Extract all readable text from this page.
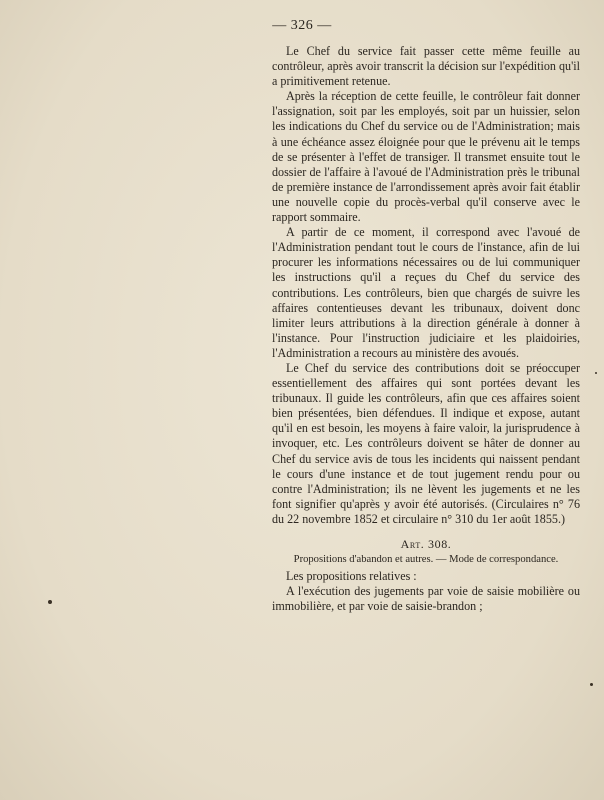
— 326 —

Le Chef du service fait passer cette même feuille au contrôleur, après avoir transcrit la décision sur l'expédition qu'il a primitivement retenue.

Après la réception de cette feuille, le contrôleur fait donner l'assignation, soit par les employés, soit par un huissier, selon les indications du Chef du service ou de l'Administration; mais à une échéance assez éloignée pour que le prévenu ait le temps de se présenter à l'effet de transiger. Il transmet ensuite tout le dossier de l'affaire à l'avoué de l'Administration près le tribunal de première instance de l'arrondissement après avoir fait établir une nouvelle copie du procès-verbal qu'il conserve avec le rapport sommaire.

A partir de ce moment, il correspond avec l'avoué de l'Administration pendant tout le cours de l'instance, afin de lui procurer les informations nécessaires ou de lui communiquer les instructions qu'il a reçues du Chef du service des contributions. Les contrôleurs, bien que chargés de suivre les affaires contentieuses devant les tribunaux, doivent donc limiter leurs attributions à la direction générale à donner à l'instance. Pour l'instruction judiciaire et les plaidoiries, l'Administration a recours au ministère des avoués.

Le Chef du service des contributions doit se préoccuper essentiellement des affaires qui sont portées devant les tribunaux. Il guide les contrôleurs, afin que ces affaires soient bien présentées, bien défendues. Il indique et expose, autant qu'il en est besoin, les moyens à faire valoir, la jurisprudence à invoquer, etc. Les contrôleurs doivent se hâter de donner au Chef du service avis de tous les incidents qui naissent pendant le cours d'une instance et de tout jugement rendu pour ou contre l'Administration; ils ne lèvent les jugements et ne les font signifier qu'après y avoir été autorisés. (Circulaires n° 76 du 22 novembre 1852 et circulaire n° 310 du 1er août 1855.)

Art. 308.
Propositions d'abandon et autres. — Mode de correspondance.

Les propositions relatives :

A l'exécution des jugements par voie de saisie mobilière ou immobilière, et par voie de saisie-brandon ;
